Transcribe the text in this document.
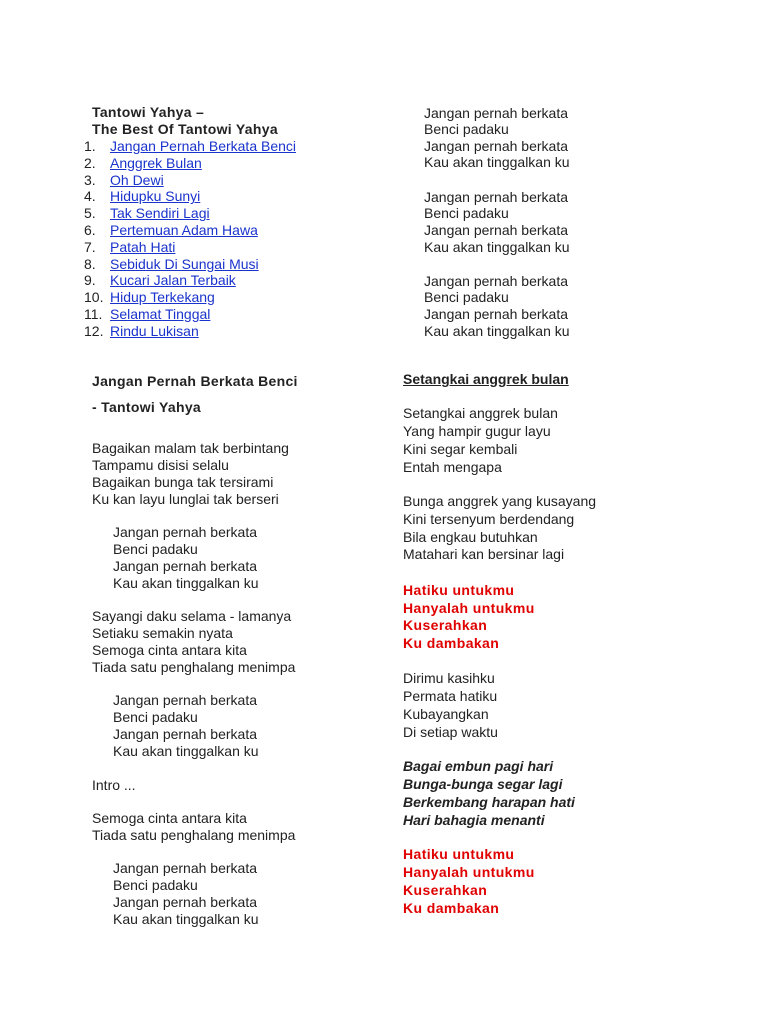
Tantowi Yahya –
The Best Of Tantowi Yahya
1. Jangan Pernah Berkata Benci
2. Anggrek Bulan
3. Oh Dewi
4. Hidupku Sunyi
5. Tak Sendiri Lagi
6. Pertemuan Adam Hawa
7. Patah Hati
8. Sebiduk Di Sungai Musi
9. Kucari Jalan Terbaik
10. Hidup Terkekang
11. Selamat Tinggal
12. Rindu Lukisan
Jangan Pernah Berkata Benci
- Tantowi Yahya
Bagaikan malam tak berbintang
Tampamu disisi selalu
Bagaikan bunga tak tersirami
Ku kan layu lunglai tak berseri
Jangan pernah berkata
Benci padaku
Jangan pernah berkata
Kau akan tinggalkan ku
Sayangi daku selama - lamanya
Setiaku semakin nyata
Semoga cinta antara kita
Tiada satu penghalang menimpa
Jangan pernah berkata
Benci padaku
Jangan pernah berkata
Kau akan tinggalkan ku
Intro ...
Semoga cinta antara kita
Tiada satu penghalang menimpa
Jangan pernah berkata
Benci padaku
Jangan pernah berkata
Kau akan tinggalkan ku
Jangan pernah berkata
Benci padaku
Jangan pernah berkata
Kau akan tinggalkan ku
Jangan pernah berkata
Benci padaku
Jangan pernah berkata
Kau akan tinggalkan ku
Jangan pernah berkata
Benci padaku
Jangan pernah berkata
Kau akan tinggalkan ku
Setangkai anggrek bulan
Setangkai anggrek bulan
Yang hampir gugur layu
Kini segar kembali
Entah mengapa
Bunga anggrek yang kusayang
Kini tersenyum berdendang
Bila engkau butuhkan
Matahari kan bersinar lagi
Hatiku untukmu
Hanyalah untukmu
Kuserahkan
Ku dambakan
Dirimu kasihku
Permata hatiku
Kubayangkan
Di setiap waktu
Bagai embun pagi hari
Bunga-bunga segar lagi
Berkembang harapan hati
Hari bahagia menanti
Hatiku untukmu
Hanyalah untukmu
Kuserahkan
Ku dambakan
